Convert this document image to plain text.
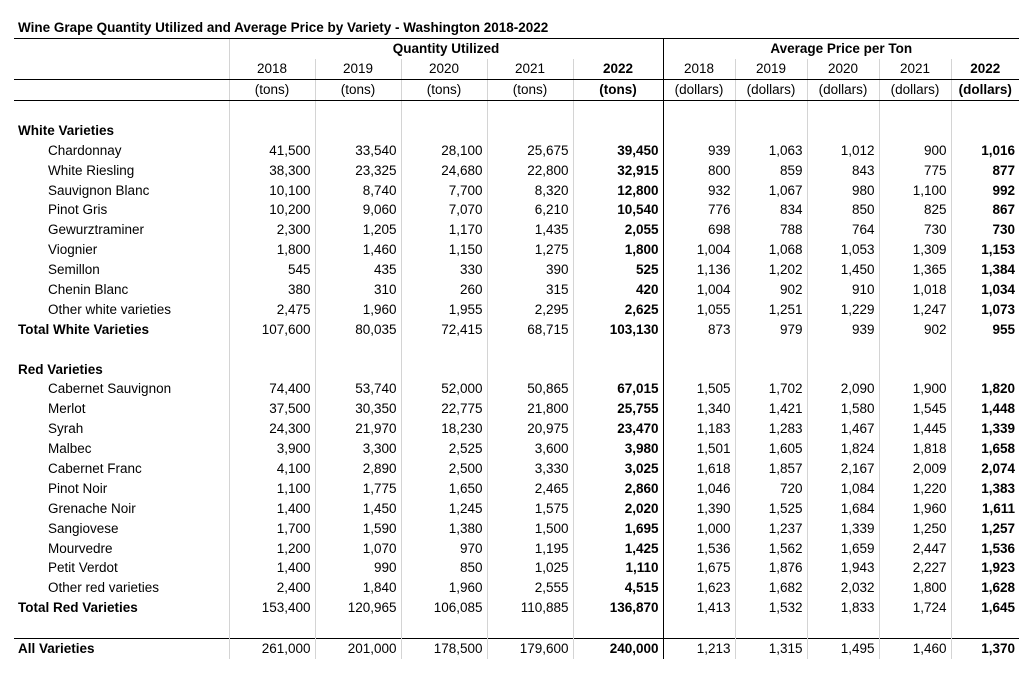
Wine Grape Quantity Utilized and Average Price by Variety - Washington 2018-2022										
	Quantity Utilized					Average Price per Ton				
	2018	2019	2020	2021	2022	2018	2019	2020	2021	2022
	(tons)	(tons)	(tons)	(tons)	(tons)	(dollars)	(dollars)	(dollars)	(dollars)	(dollars)

White Varieties										
Chardonnay	41,500	33,540	28,100	25,675	39,450	939	1,063	1,012	900	1,016
White Riesling	38,300	23,325	24,680	22,800	32,915	800	859	843	775	877
Sauvignon Blanc	10,100	8,740	7,700	8,320	12,800	932	1,067	980	1,100	992
Pinot Gris	10,200	9,060	7,070	6,210	10,540	776	834	850	825	867
Gewurztraminer	2,300	1,205	1,170	1,435	2,055	698	788	764	730	730
Viognier	1,800	1,460	1,150	1,275	1,800	1,004	1,068	1,053	1,309	1,153
Semillon	545	435	330	390	525	1,136	1,202	1,450	1,365	1,384
Chenin Blanc	380	310	260	315	420	1,004	902	910	1,018	1,034
Other white varieties	2,475	1,960	1,955	2,295	2,625	1,055	1,251	1,229	1,247	1,073
Total White Varieties	107,600	80,035	72,415	68,715	103,130	873	979	939	902	955

Red Varieties										
Cabernet Sauvignon	74,400	53,740	52,000	50,865	67,015	1,505	1,702	2,090	1,900	1,820
Merlot	37,500	30,350	22,775	21,800	25,755	1,340	1,421	1,580	1,545	1,448
Syrah	24,300	21,970	18,230	20,975	23,470	1,183	1,283	1,467	1,445	1,339
Malbec	3,900	3,300	2,525	3,600	3,980	1,501	1,605	1,824	1,818	1,658
Cabernet Franc	4,100	2,890	2,500	3,330	3,025	1,618	1,857	2,167	2,009	2,074
Pinot Noir	1,100	1,775	1,650	2,465	2,860	1,046	720	1,084	1,220	1,383
Grenache Noir	1,400	1,450	1,245	1,575	2,020	1,390	1,525	1,684	1,960	1,611
Sangiovese	1,700	1,590	1,380	1,500	1,695	1,000	1,237	1,339	1,250	1,257
Mourvedre	1,200	1,070	970	1,195	1,425	1,536	1,562	1,659	2,447	1,536
Petit Verdot	1,400	990	850	1,025	1,110	1,675	1,876	1,943	2,227	1,923
Other red varieties	2,400	1,840	1,960	2,555	4,515	1,623	1,682	2,032	1,800	1,628
Total Red Varieties	153,400	120,965	106,085	110,885	136,870	1,413	1,532	1,833	1,724	1,645

All Varieties	261,000	201,000	178,500	179,600	240,000	1,213	1,315	1,495	1,460	1,370
